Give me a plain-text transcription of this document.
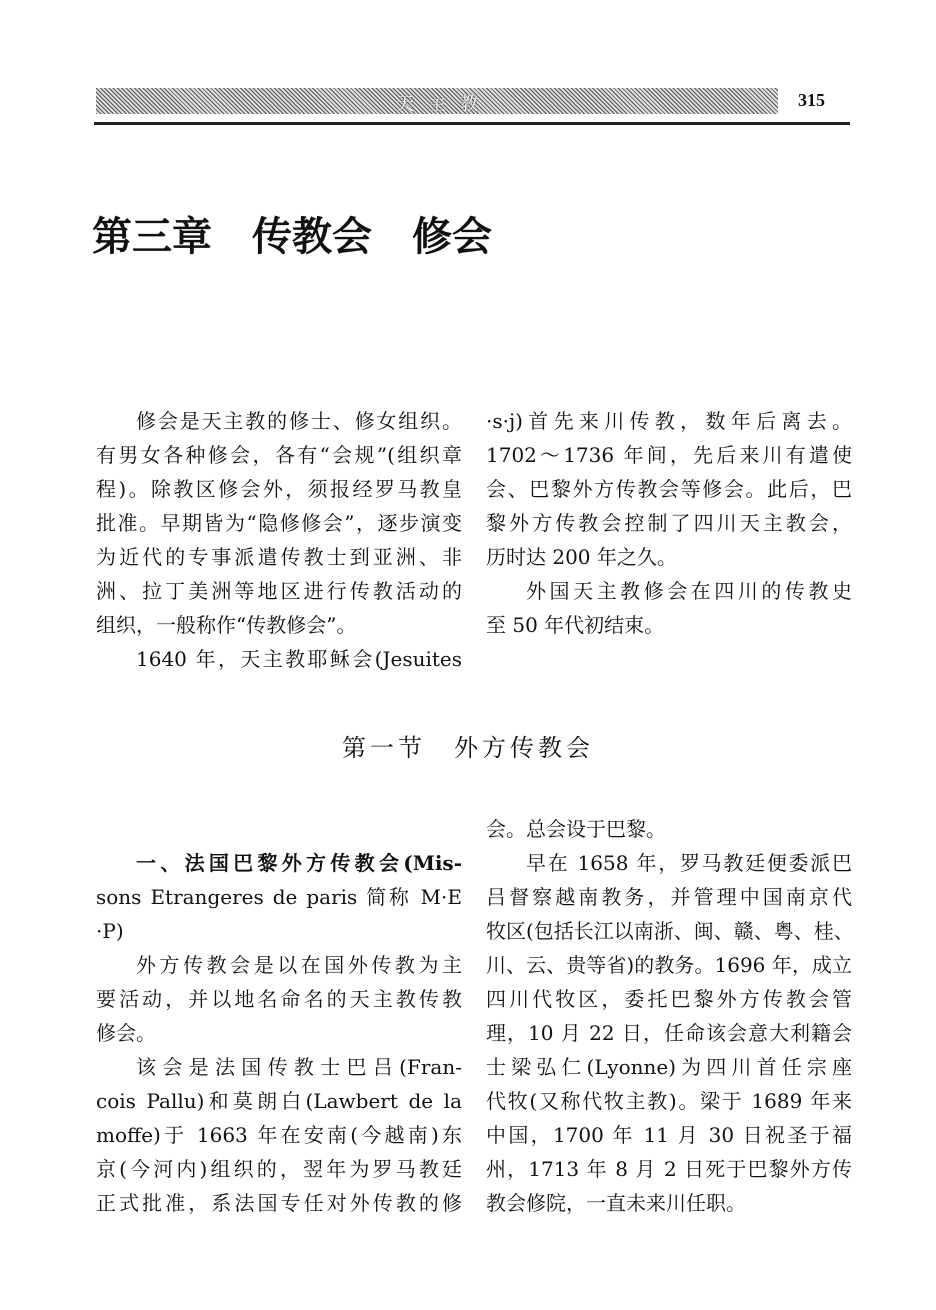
天主教	315
第三章　传教会　修会
修会是天主教的修士、修女组织。
有男女各种修会，各有“会规”(组织章
程)。除教区修会外，须报经罗马教皇
批准。早期皆为“隐修修会”，逐步演变
为近代的专事派遣传教士到亚洲、非
洲、拉丁美洲等地区进行传教活动的
组织，一般称作“传教修会”。
1640 年，天主教耶稣会(Jesuites
·s·j)首先来川传教，数年后离去。
1702～1736 年间，先后来川有遣使
会、巴黎外方传教会等修会。此后，巴
黎外方传教会控制了四川天主教会，
历时达 200 年之久。
外国天主教修会在四川的传教史
至 50 年代初结束。
第一节　外方传教会
一、法国巴黎外方传教会(Mis-
sons Etrangeres de paris 简称 M·E
·P)
外方传教会是以在国外传教为主
要活动，并以地名命名的天主教传教
修会。
该会是法国传教士巴吕(Fran-
cois Pallu)和莫朗白(Lawbert de la
moffe)于 1663 年在安南(今越南)东
京(今河内)组织的，翌年为罗马教廷
正式批准，系法国专任对外传教的修
会。总会设于巴黎。
早在 1658 年，罗马教廷便委派巴
吕督察越南教务，并管理中国南京代
牧区(包括长江以南浙、闽、赣、粤、桂、
川、云、贵等省)的教务。1696 年，成立
四川代牧区，委托巴黎外方传教会管
理，10 月 22 日，任命该会意大利籍会
士梁弘仁(Lyonne)为四川首任宗座
代牧(又称代牧主教)。梁于 1689 年来
中国，1700 年 11 月 30 日祝圣于福
州，1713 年 8 月 2 日死于巴黎外方传
教会修院，一直未来川任职。
